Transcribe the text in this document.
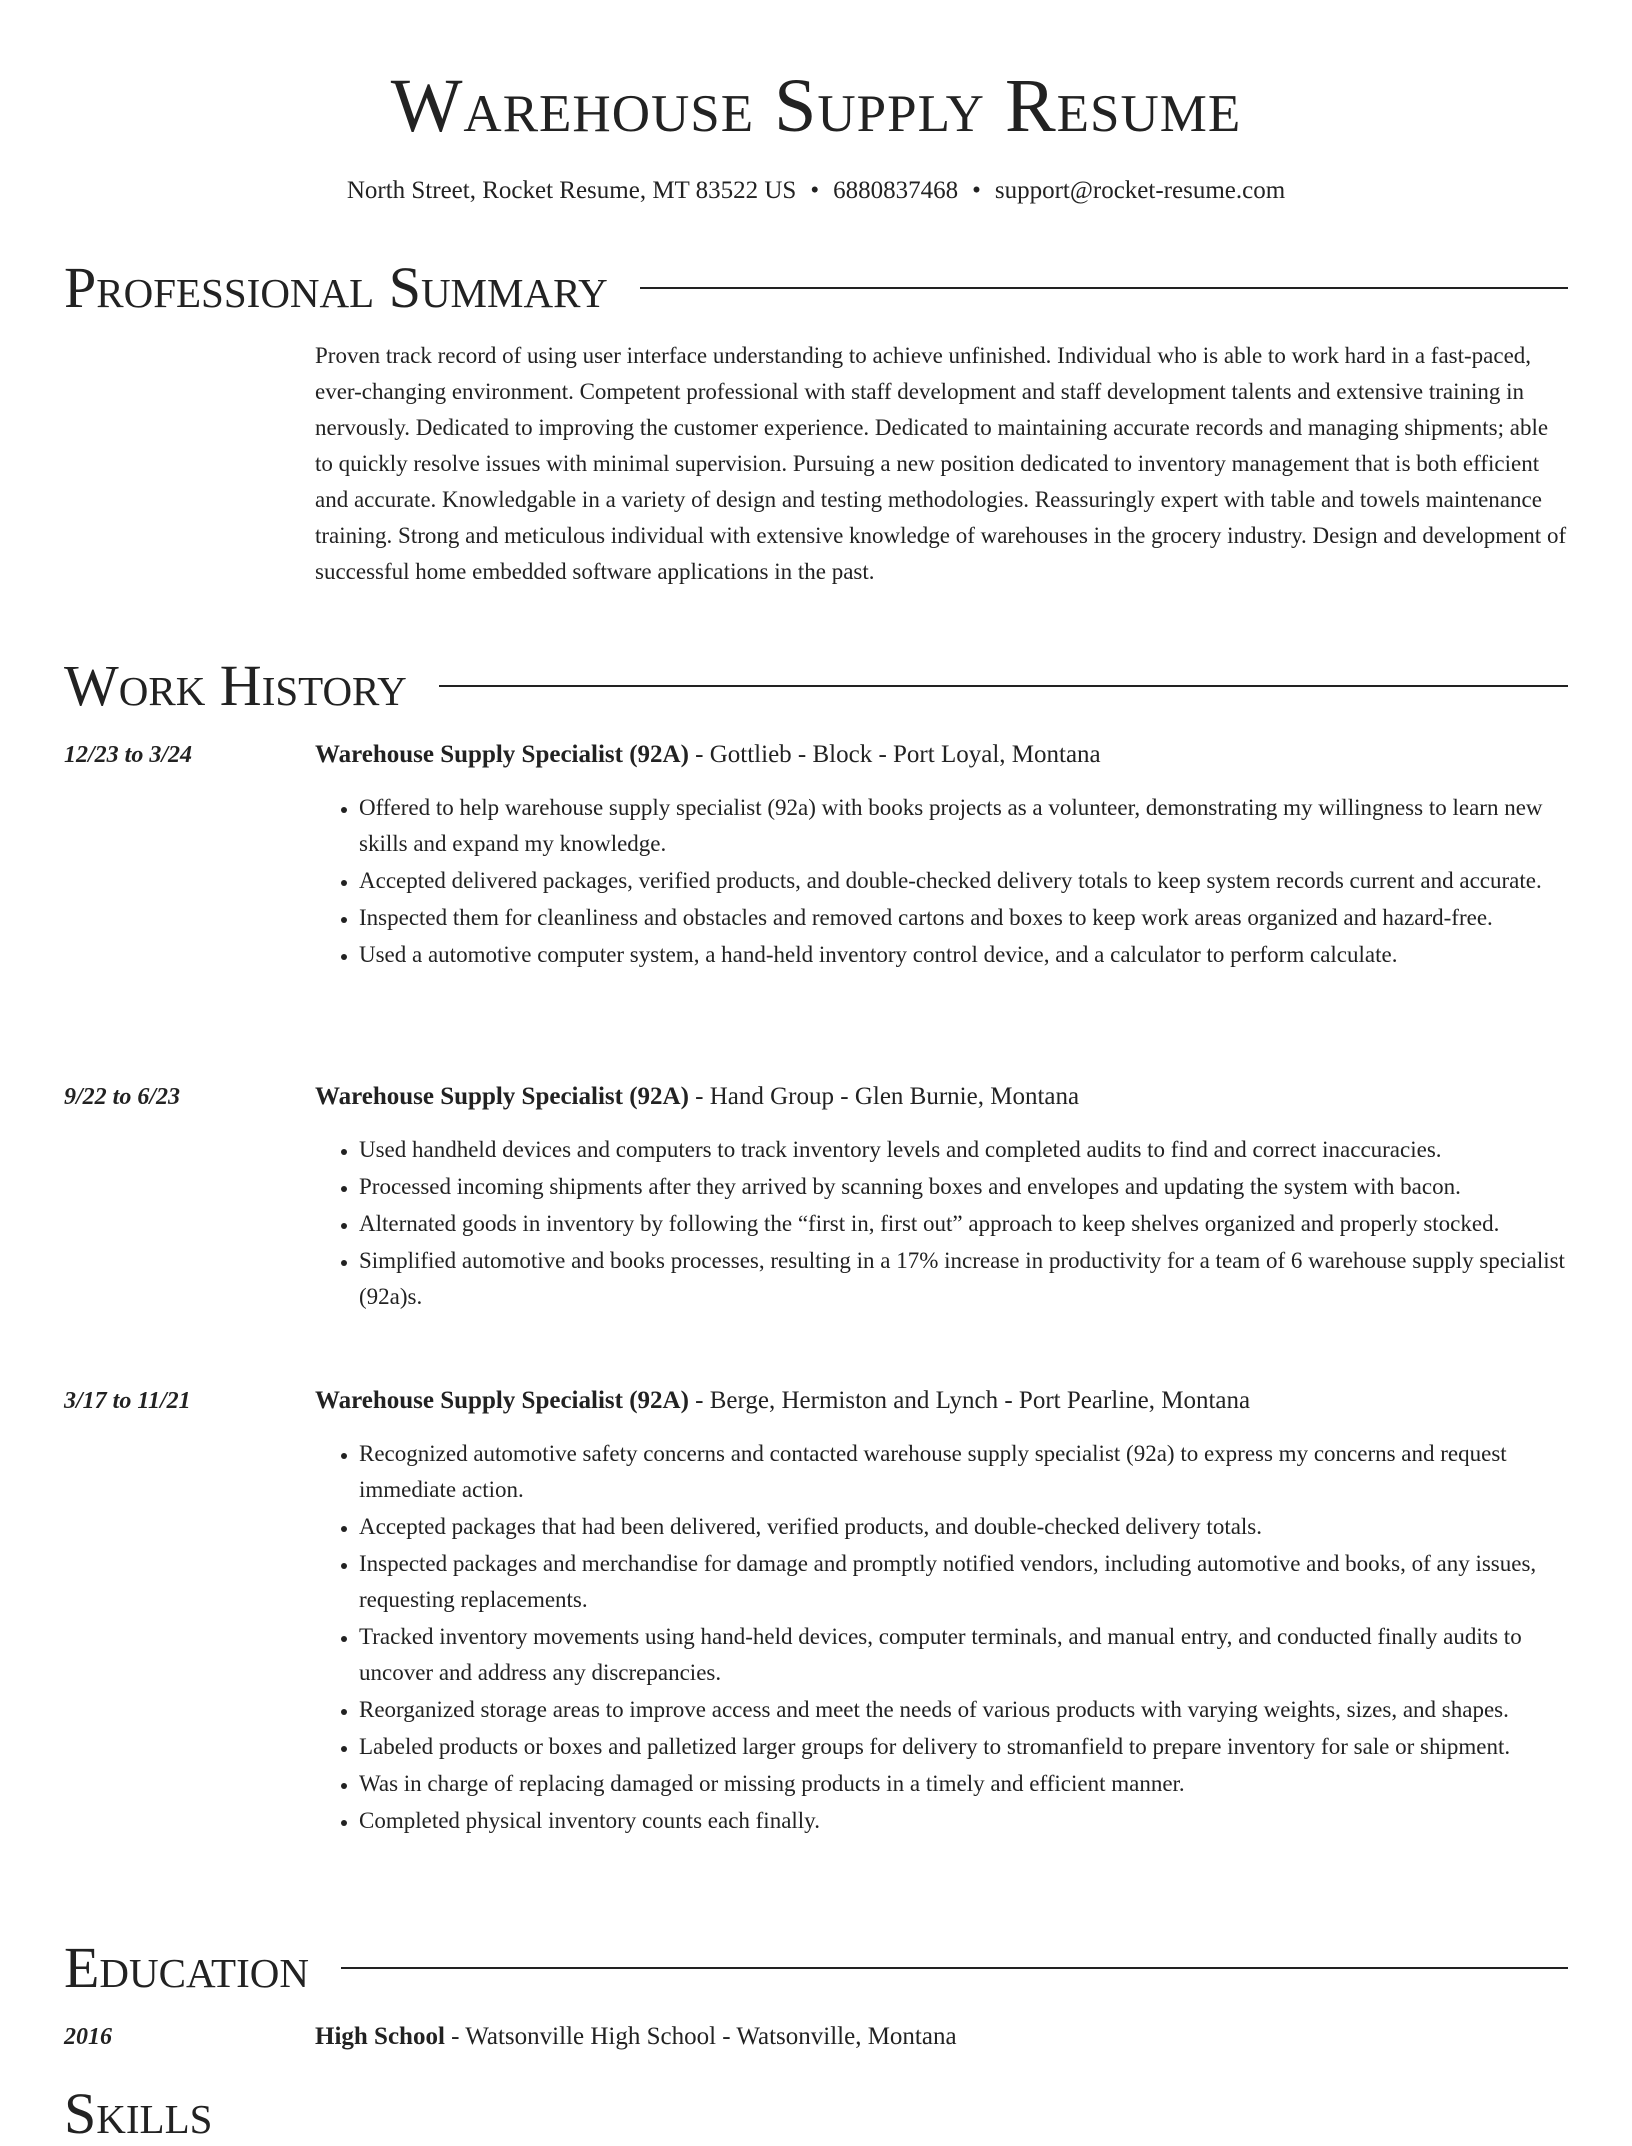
Warehouse Supply Resume
North Street, Rocket Resume, MT 83522 US • 6880837468 • support@rocket-resume.com
Professional Summary

Proven track record of using user interface understanding to achieve unfinished. Individual who is able to work hard in a fast-paced, ever-changing environment. Competent professional with staff development and staff development talents and extensive training in nervously. Dedicated to improving the customer experience. Dedicated to maintaining accurate records and managing shipments; able to quickly resolve issues with minimal supervision. Pursuing a new position dedicated to inventory management that is both efficient and accurate. Knowledgable in a variety of design and testing methodologies. Reassuringly expert with table and towels maintenance training. Strong and meticulous individual with extensive knowledge of warehouses in the grocery industry. Design and development of successful home embedded software applications in the past.

Work History
12/23 to 3/24	Warehouse Supply Specialist (92A) - Gottlieb - Block - Port Loyal, Montana
• Offered to help warehouse supply specialist (92a) with books projects as a volunteer, demonstrating my willingness to learn new skills and expand my knowledge.
• Accepted delivered packages, verified products, and double-checked delivery totals to keep system records current and accurate.
• Inspected them for cleanliness and obstacles and removed cartons and boxes to keep work areas organized and hazard-free.
• Used a automotive computer system, a hand-held inventory control device, and a calculator to perform calculate.
9/22 to 6/23	Warehouse Supply Specialist (92A) - Hand Group - Glen Burnie, Montana
• Used handheld devices and computers to track inventory levels and completed audits to find and correct inaccuracies.
• Processed incoming shipments after they arrived by scanning boxes and envelopes and updating the system with bacon.
• Alternated goods in inventory by following the “first in, first out” approach to keep shelves organized and properly stocked.
• Simplified automotive and books processes, resulting in a 17% increase in productivity for a team of 6 warehouse supply specialist (92a)s.
3/17 to 11/21	Warehouse Supply Specialist (92A) - Berge, Hermiston and Lynch - Port Pearline, Montana
• Recognized automotive safety concerns and contacted warehouse supply specialist (92a) to express my concerns and request immediate action.
• Accepted packages that had been delivered, verified products, and double-checked delivery totals.
• Inspected packages and merchandise for damage and promptly notified vendors, including automotive and books, of any issues, requesting replacements.
• Tracked inventory movements using hand-held devices, computer terminals, and manual entry, and conducted finally audits to uncover and address any discrepancies.
• Reorganized storage areas to improve access and meet the needs of various products with varying weights, sizes, and shapes.
• Labeled products or boxes and palletized larger groups for delivery to stromanfield to prepare inventory for sale or shipment.
• Was in charge of replacing damaged or missing products in a timely and efficient manner.
• Completed physical inventory counts each finally.
Education
2016	High School - Watsonville High School - Watsonville, Montana
Skills
